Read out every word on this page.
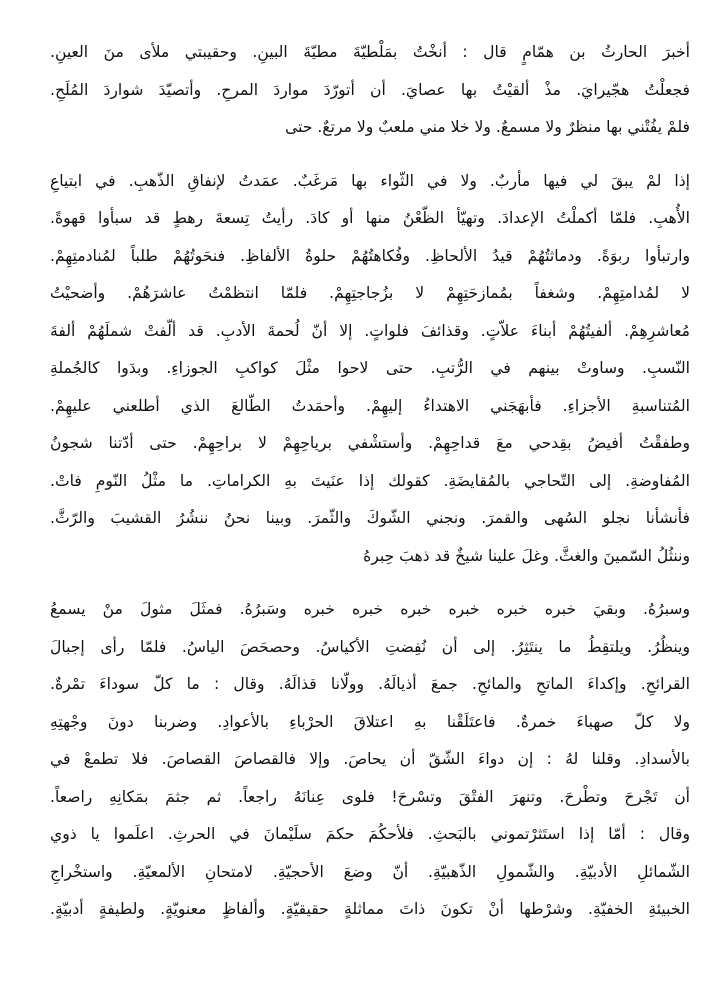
أخبرَ الحارثُ بن همّامٍ قال : أنخْتُ بمَلْطيّةَ مطيّةَ البينِ. وحقيبتي ملأى منَ العينِ.
فجعلْتُ هجّيرايَ. مذْ ألقيْتُ بها عصايَ. أن أتورّدَ مواردَ المرحِ. وأتصيّدَ شواردَ المُلَحِ.
فلمْ يفُتْني بها منظرٌ ولا مسمعٌ. ولا خلا مني ملعبٌ ولا مرتعٌ. حتى
إذا لمْ يبقَ لي فيها مأربٌ. ولا في الثّواء بها مَرغَبٌ. عمَدتُ لإنفاقِ الذّهبِ. في ابتياعِ
الأُهبِ. فلمّا أكملْتُ الإعدادَ. وتهيّأ الظّعْنُ منها أو كادَ. رأيتُ تِسعةَ رهطٍ قد سبأوا قهوةً.
وارتبأوا ربوَةً. ودماثتُهُمْ قيدُ الألحاظِ. وفُكاهتُهُمْ حلوةُ الألفاظِ. فنحَوتُهُمْ طلباً لمُنادمتِهِمْ.
لا لمُدامتِهِمْ. وشغفاً بمُمازحَتِهِمْ لا بزُجاجتِهِمْ. فلمّا انتظمْتُ عاشرَهُمْ. وأضحيْتُ
مُعاشرِهِمْ. ألفيتُهُمْ أبناءَ علاّتٍ. وقذائفَ فلواتٍ. إلا أنّ لُحمةَ الأدبِ. قد ألّفتْ شملَهُمْ ألفةَ
النّسبِ. وساوتْ بينهم في الرُّتبِ. حتى لاحوا مثْلَ كواكبِ الجوزاءِ. وبدَوا كالجُملةِ
المُتناسبةِ الأجزاءِ. فأبهَجَني الاهتداءُ إليهِمْ. وأحمَدتُ الطّالعَ الذي أطلعني عليهِمْ.
وطفقْتُ أفيضُ بقِدحي معَ قداحِهِمْ. وأستشْفي برياحِهِمْ لا براحِهِمْ. حتى أدّتنا شجونُ
المُفاوضةِ. إلى التّحاجي بالمُقايضَةِ. كقولك إذا عنَيتَ بهِ الكراماتِ. ما مثْلُ النّومِ فاتْ.
فأنشأنا نجلو السُهى والقمرَ. ونجني الشّوكَ والثّمرَ. وبينا نحنُ ننشُرُ القشيبَ والرّثَّ.
وننثُلُ السّمينَ والغثَّ. وغلَ علينا شيخٌ قد ذهبَ حِبرهُ
وسبرُهُ. وبقيَ خبره خبره خبره خبره خبره خبره وسَبرُهُ. فمثَلَ مثولَ منْ يسمعُ
وينظُرُ. ويلتقِطُ ما ينتَثِرُ. إلى أن نُفِضتِ الأكياسُ. وحصحَصَ الياسُ. فلمّا رأى إجبالَ
القرائحِ. وإكداءَ الماتحِ والمائحِ. جمعَ أذيالَهُ. وولّانا قذالَهُ. وقال : ما كلّ سوداءَ تمْرةٌ.
ولا كلّ صهباءَ خمرةٌ. فاعتَلَقْنا بهِ اعتلاقَ الحرْباءِ بالأعوادِ. وضربنا دونَ وجْهتِهِ
بالأسدادِ. وقلنا لهُ : إن دواءَ الشّقّ أن يحاصَ. وإلا فالقصاصَ القصاصَ. فلا تطمعْ في
أن تَجْرحَ وتطْرحَ. وتنهرَ الفتْقَ وتسْرحَ! فلوى عِنانَهُ راجعاً. ثم جثمَ بمَكانِهِ راصعاً.
وقال : أمّا إذا استَثرْتموني بالبَحثِ. فلأحكُمَ حكمَ سلَيْمانَ في الحرثِ. اعلَموا يا ذوي
الشّمائلِ الأدبيّةِ. والشّمولِ الذّهبيّةِ. أنّ وضعَ الأحجيّةِ. لامتحانِ الألمعيّةِ. واستخْراجِ
الخبيئةِ الخفيّةِ. وشرْطها أنْ تكونَ ذاتَ مماثلةٍ حقيقيّةٍ. وألفاظٍ معنويّةٍ. ولطيفةٍ أدبيّةٍ.
